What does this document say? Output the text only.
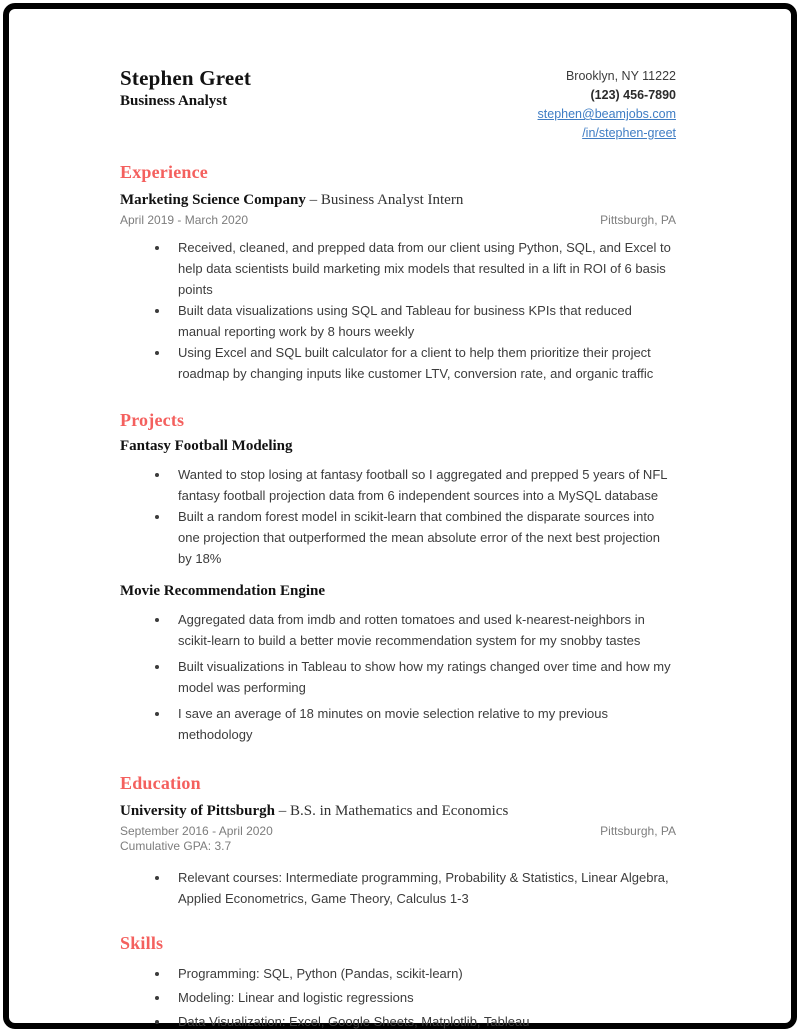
Stephen Greet
Business Analyst
Brooklyn, NY 11222
(123) 456-7890
stephen@beamjobs.com
/in/stephen-greet
Experience
Marketing Science Company – Business Analyst Intern
April 2019 - March 2020	Pittsburgh, PA
• Received, cleaned, and prepped data from our client using Python, SQL, and Excel to help data scientists build marketing mix models that resulted in a lift in ROI of 6 basis points
• Built data visualizations using SQL and Tableau for business KPIs that reduced manual reporting work by 8 hours weekly
• Using Excel and SQL built calculator for a client to help them prioritize their project roadmap by changing inputs like customer LTV, conversion rate, and organic traffic
Projects
Fantasy Football Modeling
• Wanted to stop losing at fantasy football so I aggregated and prepped 5 years of NFL fantasy football projection data from 6 independent sources into a MySQL database
• Built a random forest model in scikit-learn that combined the disparate sources into one projection that outperformed the mean absolute error of the next best projection by 18%
Movie Recommendation Engine
• Aggregated data from imdb and rotten tomatoes and used k-nearest-neighbors in scikit-learn to build a better movie recommendation system for my snobby tastes
• Built visualizations in Tableau to show how my ratings changed over time and how my model was performing
• I save an average of 18 minutes on movie selection relative to my previous methodology
Education
University of Pittsburgh – B.S. in Mathematics and Economics
September 2016 - April 2020	Pittsburgh, PA
Cumulative GPA: 3.7
• Relevant courses: Intermediate programming, Probability & Statistics, Linear Algebra, Applied Econometrics, Game Theory, Calculus 1-3
Skills
• Programming: SQL, Python (Pandas, scikit-learn)
• Modeling: Linear and logistic regressions
• Data Visualization: Excel, Google Sheets, Matplotlib, Tableau
